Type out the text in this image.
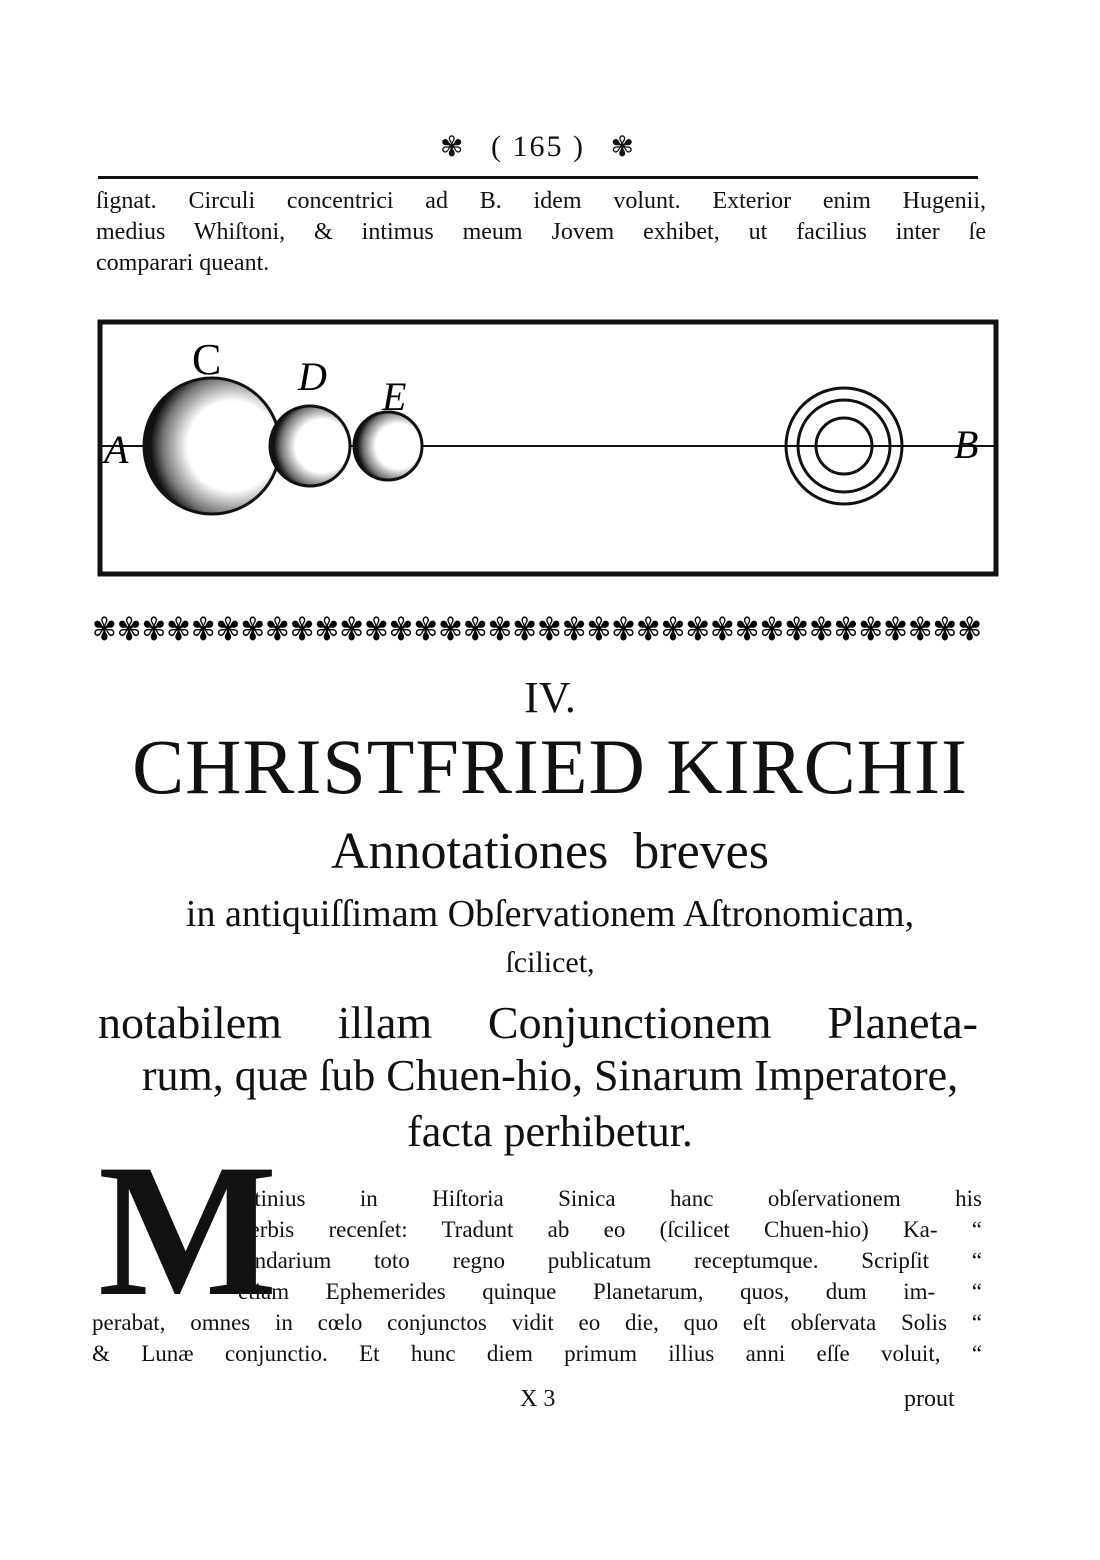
✾ ( 165 ) ✾
ſignat. Circuli concentrici ad B. idem volunt. Exterior enim Hugenii,
medius Whiſtoni, & intimus meum Jovem exhibet, ut facilius inter ſe
comparari queant.
A	B
C D E
✾✾✾✾✾✾✾✾✾✾✾✾✾✾✾✾✾✾✾✾✾✾✾✾✾✾✾✾✾✾✾✾✾✾✾✾
IV.
CHRISTFRIED KIRCHII
Annotationes breves
in antiquiſſimam Obſervationem Aſtronomicam,
ſcilicet,
notabilem illam Conjunctionem Planeta-
rum, quæ ſub Chuen-hio, Sinarum Imperatore,
facta perhibetur.
M
Artinius in Hiſtoria Sinica hanc obſervationem his
verbis recenſet: Tradunt ab eo (ſcilicet Chuen-hio) Ka- “
lendarium toto regno publicatum receptumque. Scripſit “
etiam Ephemerides quinque Planetarum, quos, dum im- “
perabat, omnes in cœlo conjunctos vidit eo die, quo eſt obſervata Solis “
& Lunæ conjunctio. Et hunc diem primum illius anni eſſe voluit, “
X 3	prout
